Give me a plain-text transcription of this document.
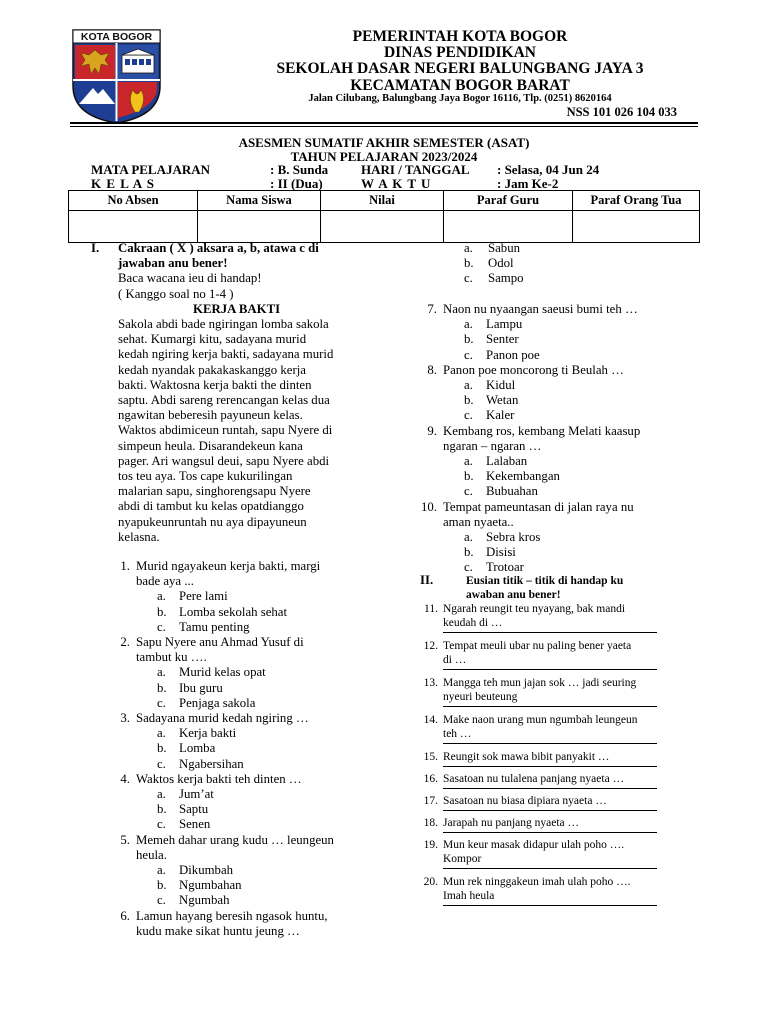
KOTA BOGOR	PEMERINTAH KOTA BOGOR
DINAS PENDIDIKAN
SEKOLAH DASAR NEGERI BALUNGBANG JAYA 3
KECAMATAN BOGOR BARAT
Jalan Cilubang, Balungbang Jaya Bogor 16116, Tlp. (0251) 8620164
NSS 101 026 104 033
ASESMEN SUMATIF AKHIR SEMESTER (ASAT)
TAHUN PELAJARAN 2023/2024
MATA PELAJARAN	: B. Sunda	HARI / TANGGAL : Selasa, 04 Jun 24
K E L A S	: II (Dua)	W A K T U	: Jam Ke-2
No Absen	Nama Siswa	Nilai	Paraf Guru	Paraf Orang Tua

I. Cakraan ( X ) aksara a, b, atawa c di
jawaban anu bener!
Baca wacana ieu di handap!
( Kanggo soal no 1-4 )
KERJA BAKTI
Sakola abdi bade ngiringan lomba sakola
sehat. Kumargi kitu, sadayana murid
kedah ngiring kerja bakti, sadayana murid
kedah nyandak pakakaskanggo kerja
bakti. Waktosna kerja bakti the dinten
saptu. Abdi sareng rerencangan kelas dua
ngawitan beberesih payuneun kelas.
Waktos abdimiceun runtah, sapu Nyere di
simpeun heula. Disarandekeun kana
pager. Ari wangsul deui, sapu Nyere abdi
tos teu aya. Tos cape kukurilingan
malarian sapu, singhorengsapu Nyere
abdi di tambut ku kelas opatdianggo
nyapukeunruntah nu aya dipayuneun
kelasna.
1. Murid ngayakeun kerja bakti, margi
bade aya ...
a. Pere lami
b. Lomba sekolah sehat
c. Tamu penting
2. Sapu Nyere anu Ahmad Yusuf di
tambut ku ….
a. Murid kelas opat
b. Ibu guru
c. Penjaga sakola
3. Sadayana murid kedah ngiring …
a. Kerja bakti
b. Lomba
c. Ngabersihan
4. Waktos kerja bakti teh dinten …
a. Jum’at
b. Saptu
c. Senen
5. Memeh dahar urang kudu … leungeun
heula.
a. Dikumbah
b. Ngumbahan
c. Ngumbah
6. Lamun hayang beresih ngasok huntu,
kudu make sikat huntu jeung …
a. Sabun
b. Odol
c. Sampo
7. Naon nu nyaangan saeusi bumi teh …
a. Lampu
b. Senter
c. Panon poe
8. Panon poe moncorong ti Beulah …
a. Kidul
b. Wetan
c. Kaler
9. Kembang ros, kembang Melati kaasup
ngaran – ngaran …
a. Lalaban
b. Kekembangan
c. Bubuahan
10. Tempat pameuntasan di jalan raya nu
aman nyaeta..
a. Sebra kros
b. Disisi
c. Trotoar
II.	Eusian titik – titik di handap ku
awaban anu bener!
11. Ngarah reungit teu nyayang, bak mandi
keudah di …
12. Tempat meuli ubar nu paling bener yaeta
di …
13. Mangga teh mun jajan sok … jadi seuring
nyeuri beuteung
14. Make naon urang mun ngumbah leungeun
teh …
15. Reungit sok mawa bibit panyakit …
16. Sasatoan nu tulalena panjang nyaeta …
17. Sasatoan nu biasa dipiara nyaeta …
18. Jarapah nu panjang nyaeta …
19. Mun keur masak didapur ulah poho ….
Kompor
20. Mun rek ninggakeun imah ulah poho ….
Imah heula
